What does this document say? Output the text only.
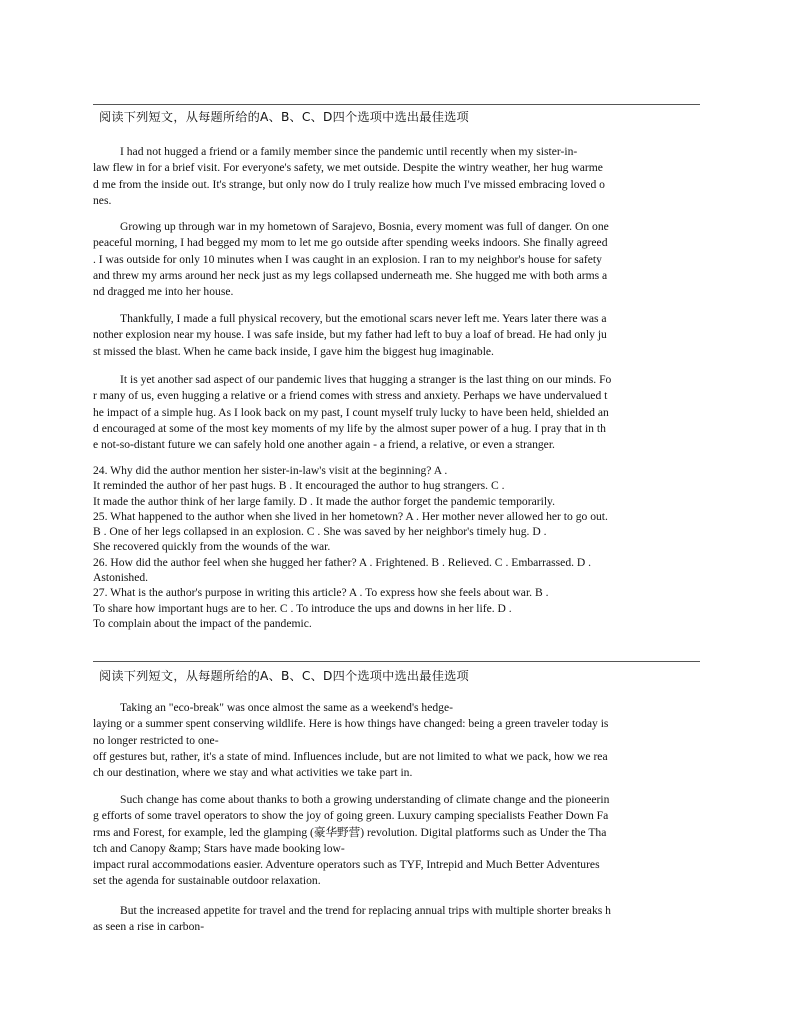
阅读下列短文，从每题所给的A、B、C、D四个选项中选出最佳选项
I had not hugged a friend or a family member since the pandemic until recently when my sister-in-
law flew in for a brief visit. For everyone's safety, we met outside. Despite the wintry weather, her hug warme
d me from the inside out. It's strange, but only now do I truly realize how much I've missed embracing loved o
nes.
Growing up through war in my hometown of Sarajevo, Bosnia, every moment was full of danger. On one
peaceful morning, I had begged my mom to let me go outside after spending weeks indoors. She finally agreed
. I was outside for only 10 minutes when I was caught in an explosion. I ran to my neighbor's house for safety
and threw my arms around her neck just as my legs collapsed underneath me. She hugged me with both arms a
nd dragged me into her house.
Thankfully, I made a full physical recovery, but the emotional scars never left me. Years later there was a
nother explosion near my house. I was safe inside, but my father had left to buy a loaf of bread. He had only ju
st missed the blast. When he came back inside, I gave him the biggest hug imaginable.
It is yet another sad aspect of our pandemic lives that hugging a stranger is the last thing on our minds. Fo
r many of us, even hugging a relative or a friend comes with stress and anxiety. Perhaps we have undervalued t
he impact of a simple hug. As I look back on my past, I count myself truly lucky to have been held, shielded an
d encouraged at some of the most key moments of my life by the almost super power of a hug. I pray that in th
e not-so-distant future we can safely hold one another again - a friend, a relative, or even a stranger.
24. Why did the author mention her sister-in-law's visit at the beginning? A .
It reminded the author of her past hugs. B . It encouraged the author to hug strangers. C .
It made the author think of her large family. D . It made the author forget the pandemic temporarily.
25. What happened to the author when she lived in her hometown? A . Her mother never allowed her to go out.
B . One of her legs collapsed in an explosion. C . She was saved by her neighbor's timely hug. D .
She recovered quickly from the wounds of the war.
26. How did the author feel when she hugged her father? A . Frightened. B . Relieved. C . Embarrassed. D .
Astonished.
27. What is the author's purpose in writing this article? A . To express how she feels about war. B .
To share how important hugs are to her. C . To introduce the ups and downs in her life. D .
To complain about the impact of the pandemic.
阅读下列短文，从每题所给的A、B、C、D四个选项中选出最佳选项
Taking an "eco-break" was once almost the same as a weekend's hedge-
laying or a summer spent conserving wildlife. Here is how things have changed: being a green traveler today is
no longer restricted to one-
off gestures but, rather, it's a state of mind. Influences include, but are not limited to what we pack, how we rea
ch our destination, where we stay and what activities we take part in.
Such change has come about thanks to both a growing understanding of climate change and the pioneerin
g efforts of some travel operators to show the joy of going green. Luxury camping specialists Feather Down Fa
rms and Forest, for example, led the glamping (豪华野营) revolution. Digital platforms such as Under the Tha
tch and Canopy &amp; Stars have made booking low-
impact rural accommodations easier. Adventure operators such as TYF, Intrepid and Much Better Adventures
set the agenda for sustainable outdoor relaxation.
But the increased appetite for travel and the trend for replacing annual trips with multiple shorter breaks h
as seen a rise in carbon-
